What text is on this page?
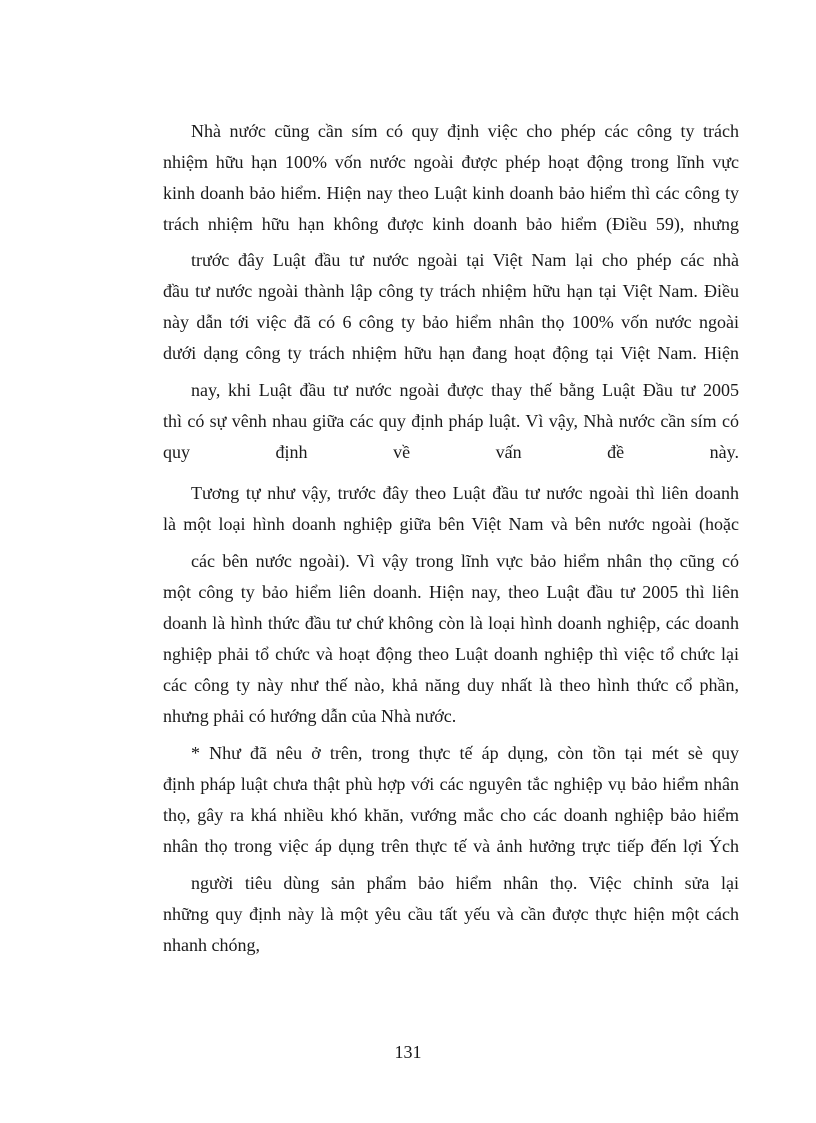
Nhà nước cũng cần sím có quy định việc cho phép các công ty trách
nhiệm hữu hạn 100% vốn nước ngoài được phép hoạt động trong lĩnh vực
kinh doanh bảo hiểm. Hiện nay theo Luật kinh doanh bảo hiểm thì các công ty
trách nhiệm hữu hạn không được kinh doanh bảo hiểm (Điều 59), nhưng
trước đây Luật đầu tư nước ngoài tại Việt Nam lại cho phép các nhà
đầu tư nước ngoài thành lập công ty trách nhiệm hữu hạn tại Việt Nam. Điều
này dẫn tới việc đã có 6 công ty bảo hiểm nhân thọ 100% vốn nước ngoài
dưới dạng công ty trách nhiệm hữu hạn đang hoạt động tại Việt Nam. Hiện
nay, khi Luật đầu tư nước ngoài được thay thế bằng Luật Đầu tư 2005
thì có sự vênh nhau giữa các quy định pháp luật. Vì vậy, Nhà nước cần sím có
quy định về vấn đề này.
Tương tự như vậy, trước đây theo Luật đầu tư nước ngoài thì liên doanh
là một loại hình doanh nghiệp giữa bên Việt Nam và bên nước ngoài (hoặc
các bên nước ngoài). Vì vậy trong lĩnh vực bảo hiểm nhân thọ cũng có
một công ty bảo hiểm liên doanh. Hiện nay, theo Luật đầu tư 2005 thì liên
doanh là hình thức đầu tư chứ không còn là loại hình doanh nghiệp, các doanh
nghiệp phải tổ chức và hoạt động theo Luật doanh nghiệp thì việc tổ chức lại
các công ty này như thế nào, khả năng duy nhất là theo hình thức cổ phần,
nhưng phải có hướng dẫn của Nhà nước.
* Như đã nêu ở trên, trong thực tế áp dụng, còn tồn tại mét sè quy
định pháp luật chưa thật phù hợp với các nguyên tắc nghiệp vụ bảo hiểm nhân
thọ, gây ra khá nhiều khó khăn, vướng mắc cho các doanh nghiệp bảo hiểm
nhân thọ trong việc áp dụng trên thực tế và ảnh hưởng trực tiếp đến lợi Ých
người tiêu dùng sản phẩm bảo hiểm nhân thọ. Việc chỉnh sửa lại
những quy định này là một yêu cầu tất yếu và cần được thực hiện một cách
nhanh chóng,
131
